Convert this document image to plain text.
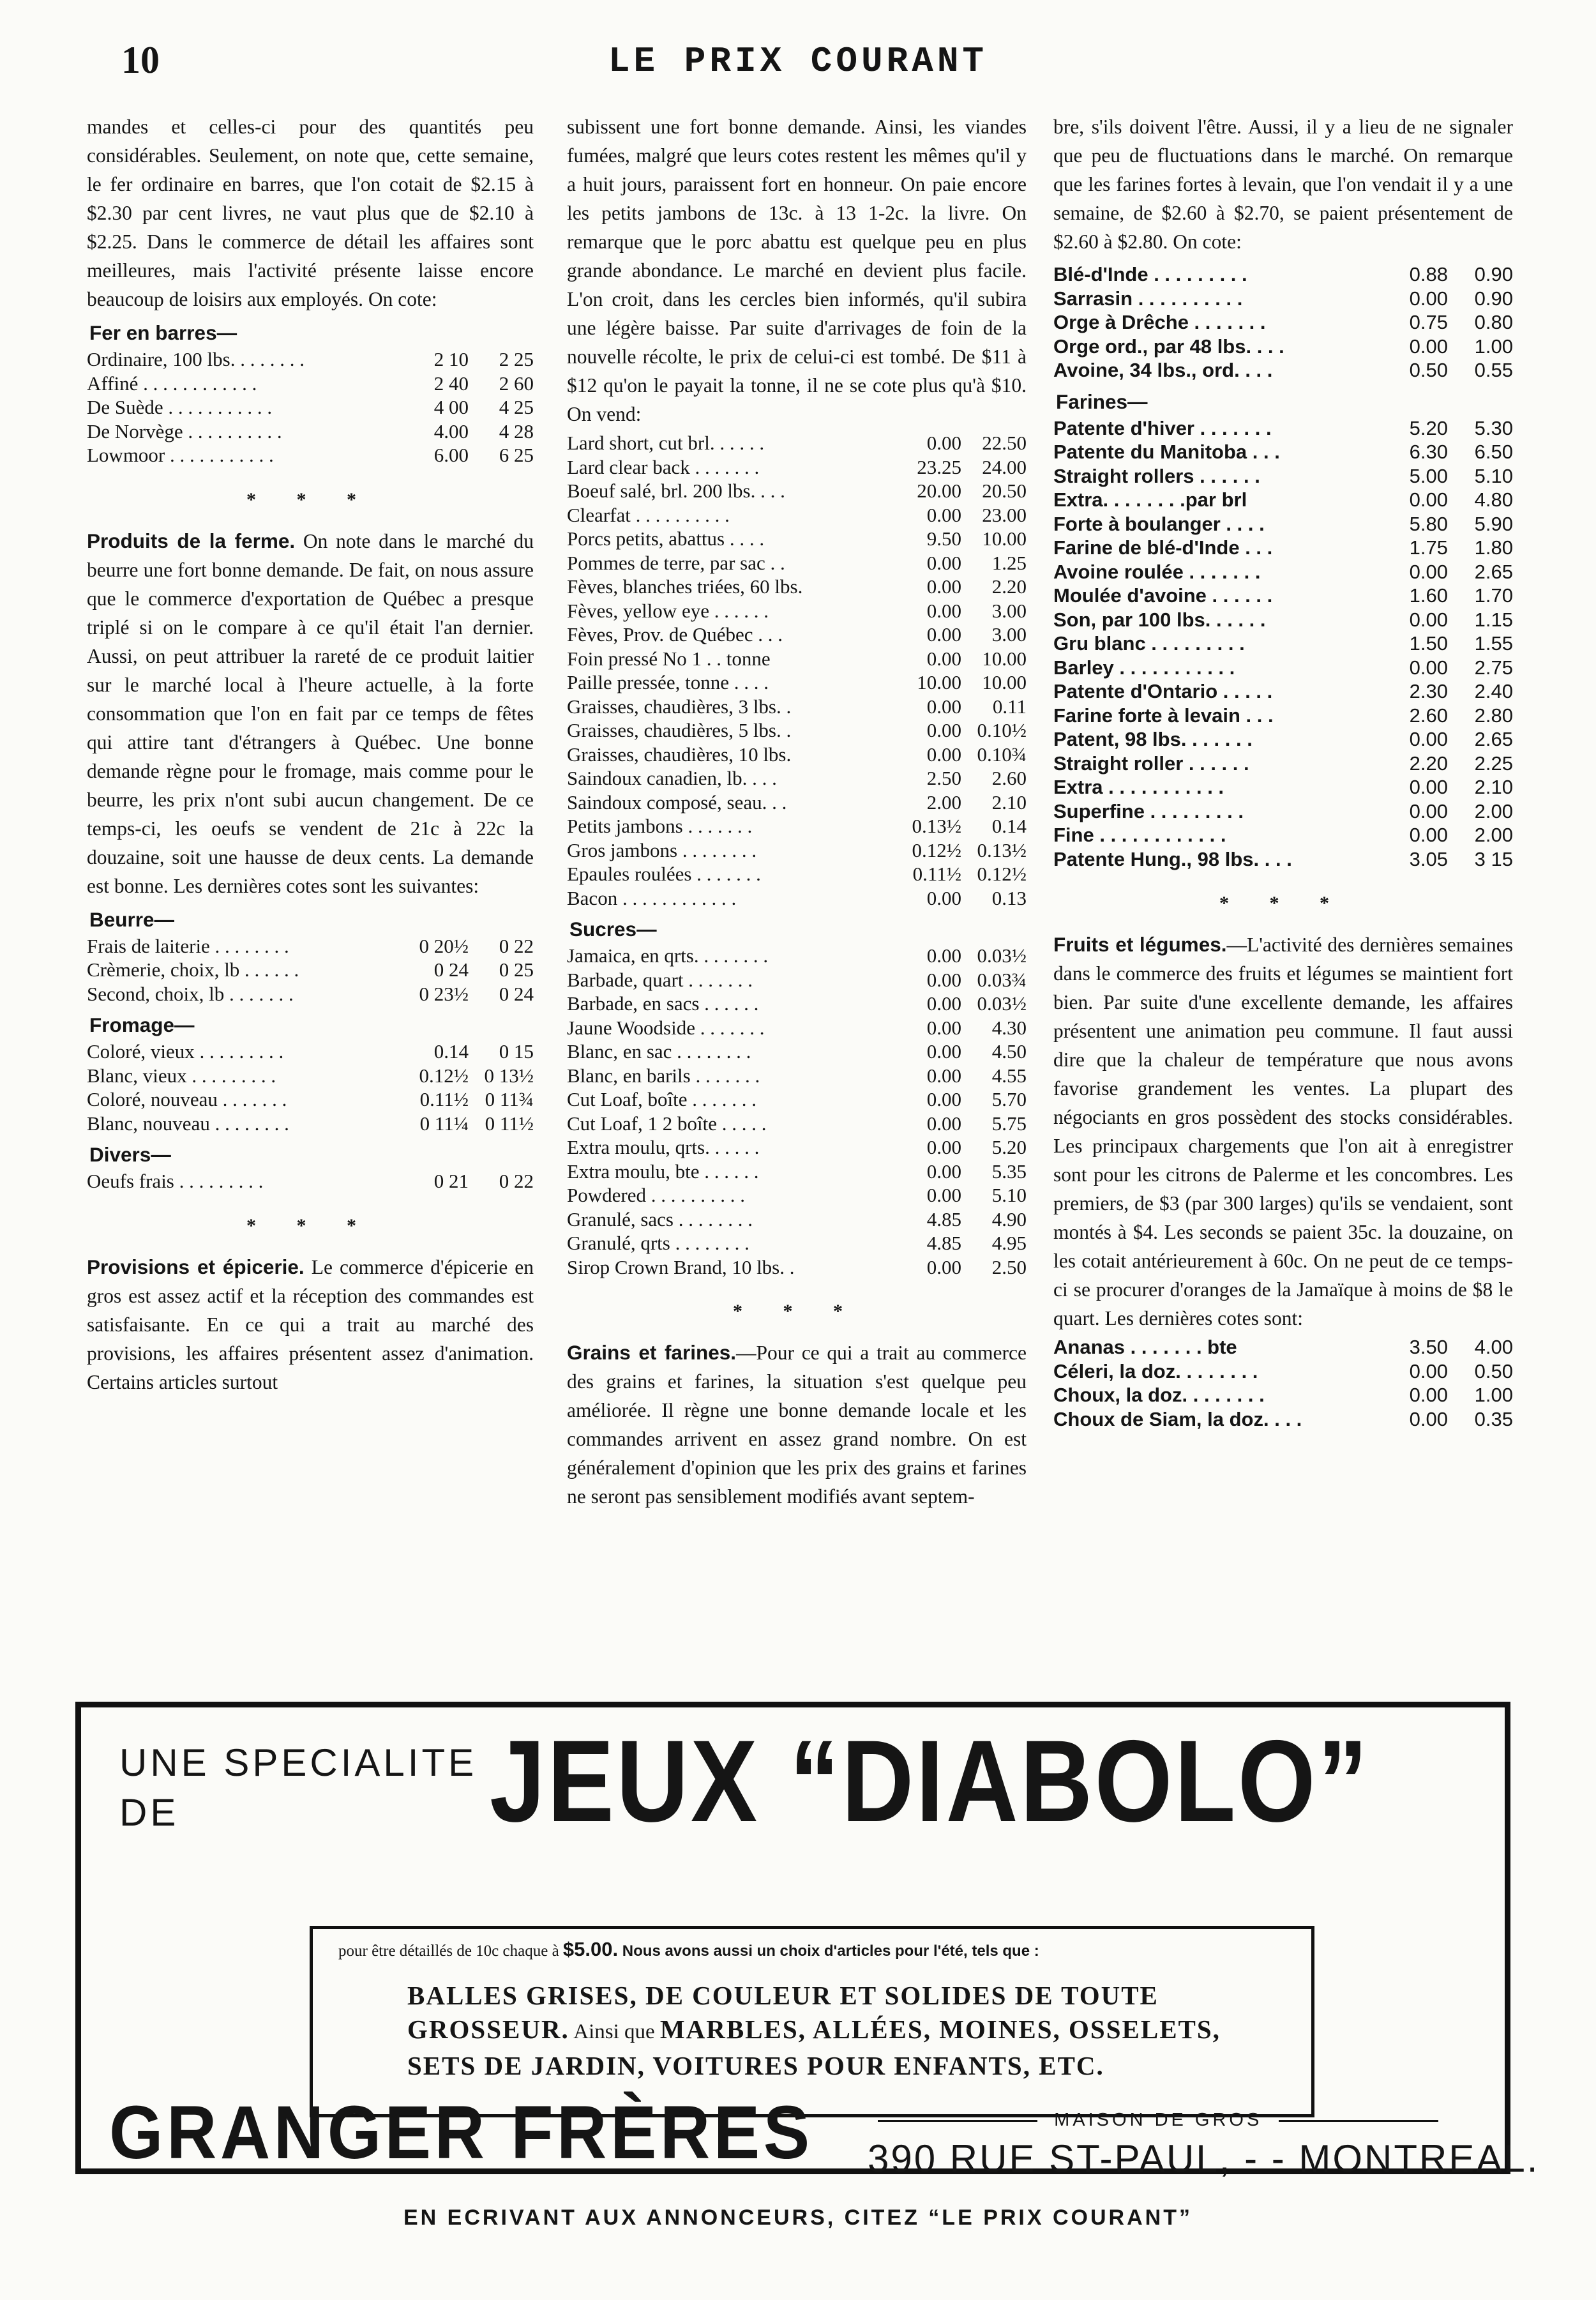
10	LE PRIX COURANT

mandes et celles-ci pour des quantités peu considérables. Seulement, on note que, cette semaine, le fer ordinaire en barres, que l'on cotait de $2.15 à $2.30 par cent livres, ne vaut plus que de $2.10 à $2.25. Dans le commerce de détail les affaires sont meilleures, mais l'activité présente laisse encore beaucoup de loisirs aux employés. On cote:

Fer en barres—
Ordinaire, 100 lbs. . . . . . . .	2 10	2 25
Affiné . . . . . . . . . . . .	2 40	2 60
De Suède . . . . . . . . . . .	4 00	4 25
De Norvège . . . . . . . . . .	4.00	4 28
Lowmoor . . . . . . . . . . .	6.00	6 25
* * *

Produits de la ferme. On note dans le marché du beurre une fort bonne demande. De fait, on nous assure que le commerce d'exportation de Québec a presque triplé si on le compare à ce qu'il était l'an dernier. Aussi, on peut attribuer la rareté de ce produit laitier sur le marché local à l'heure actuelle, à la forte consommation que l'on en fait par ce temps de fêtes qui attire tant d'étrangers à Québec. Une bonne demande règne pour le fromage, mais comme pour le beurre, les prix n'ont subi aucun changement. De ce temps-ci, les oeufs se vendent de 21c à 22c la douzaine, soit une hausse de deux cents. La demande est bonne. Les dernières cotes sont les suivantes:

Beurre—
Frais de laiterie . . . . . . . .	0 20½	0 22
Crèmerie, choix, lb . . . . . .	0 24	0 25
Second, choix, lb . . . . . . .	0 23½	0 24
Fromage—
Coloré, vieux . . . . . . . . .	0.14	0 15
Blanc, vieux . . . . . . . . .	0.12½	0 13½
Coloré, nouveau . . . . . . .	0.11½	0 11¾
Blanc, nouveau . . . . . . . .	0 11¼	0 11½
Divers—
Oeufs frais . . . . . . . . .	0 21	0 22
* * *

Provisions et épicerie. Le commerce d'épicerie en gros est assez actif et la réception des commandes est satisfaisante. En ce qui a trait au marché des provisions, les affaires présentent assez d'animation. Certains articles surtout

subissent une fort bonne demande. Ainsi, les viandes fumées, malgré que leurs cotes restent les mêmes qu'il y a huit jours, paraissent fort en honneur. On paie encore les petits jambons de 13c. à 13 1-2c. la livre. On remarque que le porc abattu est quelque peu en plus grande abondance. Le marché en devient plus facile. L'on croit, dans les cercles bien informés, qu'il subira une légère baisse. Par suite d'arrivages de foin de la nouvelle récolte, le prix de celui-ci est tombé. De $11 à $12 qu'on le payait la tonne, il ne se cote plus qu'à $10. On vend:

Lard short, cut brl. . . . . .	0.00	22.50
Lard clear back . . . . . . .	23.25	24.00
Boeuf salé, brl. 200 lbs. . . .	20.00	20.50
Clearfat . . . . . . . . . .	0.00	23.00
Porcs petits, abattus . . . .	9.50	10.00
Pommes de terre, par sac . .	0.00	1.25
Fèves, blanches triées, 60 lbs.	0.00	2.20
Fèves, yellow eye . . . . . .	0.00	3.00
Fèves, Prov. de Québec . . .	0.00	3.00
Foin pressé No 1 . . tonne	0.00	10.00
Paille pressée, tonne . . . .	10.00	10.00
Graisses, chaudières, 3 lbs. .	0.00	0.11
Graisses, chaudières, 5 lbs. .	0.00	0.10½
Graisses, chaudières, 10 lbs.	0.00	0.10¾
Saindoux canadien, lb. . . .	2.50	2.60
Saindoux composé, seau. . .	2.00	2.10
Petits jambons . . . . . . .	0.13½	0.14
Gros jambons . . . . . . . .	0.12½	0.13½
Epaules roulées . . . . . . .	0.11½	0.12½
Bacon . . . . . . . . . . . .	0.00	0.13
Sucres—
Jamaica, en qrts. . . . . . . .	0.00	0.03½
Barbade, quart . . . . . . .	0.00	0.03¾
Barbade, en sacs . . . . . .	0.00	0.03½
Jaune Woodside . . . . . . .	0.00	4.30
Blanc, en sac . . . . . . . .	0.00	4.50
Blanc, en barils . . . . . . .	0.00	4.55
Cut Loaf, boîte . . . . . . .	0.00	5.70
Cut Loaf, 1 2 boîte . . . . .	0.00	5.75
Extra moulu, qrts. . . . . .	0.00	5.20
Extra moulu, bte . . . . . .	0.00	5.35
Powdered . . . . . . . . . .	0.00	5.10
Granulé, sacs . . . . . . . .	4.85	4.90
Granulé, qrts . . . . . . . .	4.85	4.95
Sirop Crown Brand, 10 lbs. .	0.00	2.50
* * *

Grains et farines.—Pour ce qui a trait au commerce des grains et farines, la situation s'est quelque peu améliorée. Il règne une bonne demande locale et les commandes arrivent en assez grand nombre. On est généralement d'opinion que les prix des grains et farines ne seront pas sensiblement modifiés avant septem-

bre, s'ils doivent l'être. Aussi, il y a lieu de ne signaler que peu de fluctuations dans le marché. On remarque que les farines fortes à levain, que l'on vendait il y a une semaine, de $2.60 à $2.70, se paient présentement de $2.60 à $2.80. On cote:

Blé-d'Inde . . . . . . . . .	0.88	0.90
Sarrasin . . . . . . . . . .	0.00	0.90
Orge à Drêche . . . . . . .	0.75	0.80
Orge ord., par 48 lbs. . . .	0.00	1.00
Avoine, 34 lbs., ord. . . .	0.50	0.55
Farines—
Patente d'hiver . . . . . . .	5.20	5.30
Patente du Manitoba . . .	6.30	6.50
Straight rollers . . . . . .	5.00	5.10
Extra. . . . . . . .par brl	0.00	4.80
Forte à boulanger . . . .	5.80	5.90
Farine de blé-d'Inde . . .	1.75	1.80
Avoine roulée . . . . . . .	0.00	2.65
Moulée d'avoine . . . . . .	1.60	1.70
Son, par 100 lbs. . . . . .	0.00	1.15
Gru blanc . . . . . . . . .	1.50	1.55
Barley . . . . . . . . . . .	0.00	2.75
Patente d'Ontario . . . . .	2.30	2.40
Farine forte à levain . . .	2.60	2.80
Patent, 98 lbs. . . . . . .	0.00	2.65
Straight roller . . . . . .	2.20	2.25
Extra . . . . . . . . . . .	0.00	2.10
Superfine . . . . . . . . .	0.00	2.00
Fine . . . . . . . . . . . .	0.00	2.00
Patente Hung., 98 lbs. . . .	3.05	3 15
* * *

Fruits et légumes.—L'activité des dernières semaines dans le commerce des fruits et légumes se maintient fort bien. Par suite d'une excellente demande, les affaires présentent une animation peu commune. Il faut aussi dire que la chaleur de température que nous avons favorise grandement les ventes. La plupart des négociants en gros possèdent des stocks considérables. Les principaux chargements que l'on ait à enregistrer sont pour les citrons de Palerme et les concombres. Les premiers, de $3 (par 300 larges) qu'ils se vendaient, sont montés à $4. Les seconds se paient 35c. la douzaine, on les cotait antérieurement à 60c. On ne peut de ce temps-ci se procurer d'oranges de la Jamaïque à moins de $8 le quart. Les dernières cotes sont:

Ananas . . . . . . . bte	3.50	4.00
Céleri, la doz. . . . . . . .	0.00	0.50
Choux, la doz. . . . . . . .	0.00	1.00
Choux de Siam, la doz. . . .	0.00	0.35
UNE SPECIALITE
DE	JEUX “DIABOLO”
pour être détaillés de 10c chaque à $5.00. Nous avons aussi un choix d'articles pour l'été, tels que :
BALLES GRISES, DE COULEUR ET SOLIDES DE TOUTE GROSSEUR. Ainsi que MARBLES, ALLÉES, MOINES, OSSELETS, SETS DE JARDIN, VOITURES POUR ENFANTS, ETC.
GRANGER FRÈRES	MAISON DE GROS
390 RUE ST-PAUL, - - MONTREAL.
EN ECRIVANT AUX ANNONCEURS, CITEZ “LE PRIX COURANT”
